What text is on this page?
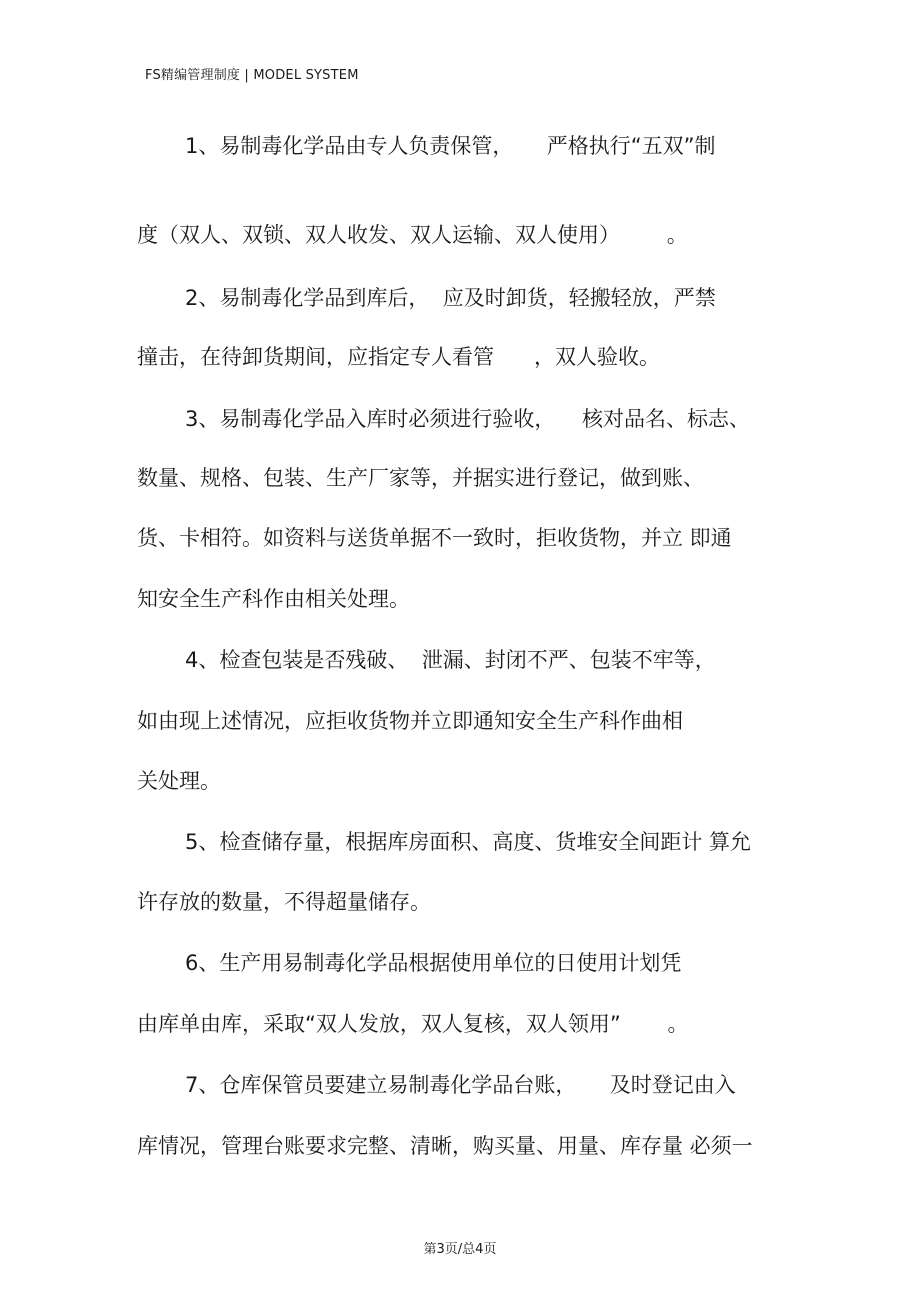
FS精编管理制度 | MODEL SYSTEM
1、易制毒化学品由专人负责保管，     严格执行“五双”制
度（双人、双锁、双人收发、双人运输、双人使用）       。
2、易制毒化学品到库后，  应及时卸货，轻搬轻放，严禁
撞击，在待卸货期间，应指定专人看管      ，双人验收。
3、易制毒化学品入库时必须进行验收，    核对品名、标志、
数量、规格、包装、生产厂家等，并据实进行登记，做到账、
货、卡相符。如资料与送货单据不一致时，拒收货物，并立 即通
知安全生产科作由相关处理。
4、检查包装是否残破、  泄漏、封闭不严、包装不牢等，
如由现上述情况，应拒收货物并立即通知安全生产科作曲相
关处理。
5、检查储存量，根据库房面积、高度、货堆安全间距计 算允
许存放的数量，不得超量储存。
6、生产用易制毒化学品根据使用单位的日使用计划凭
由库单由库，采取“双人发放，双人复核，双人领用”       。
7、仓库保管员要建立易制毒化学品台账，     及时登记由入
库情况，管理台账要求完整、清晰，购买量、用量、库存量 必须一
第3页/总4页
